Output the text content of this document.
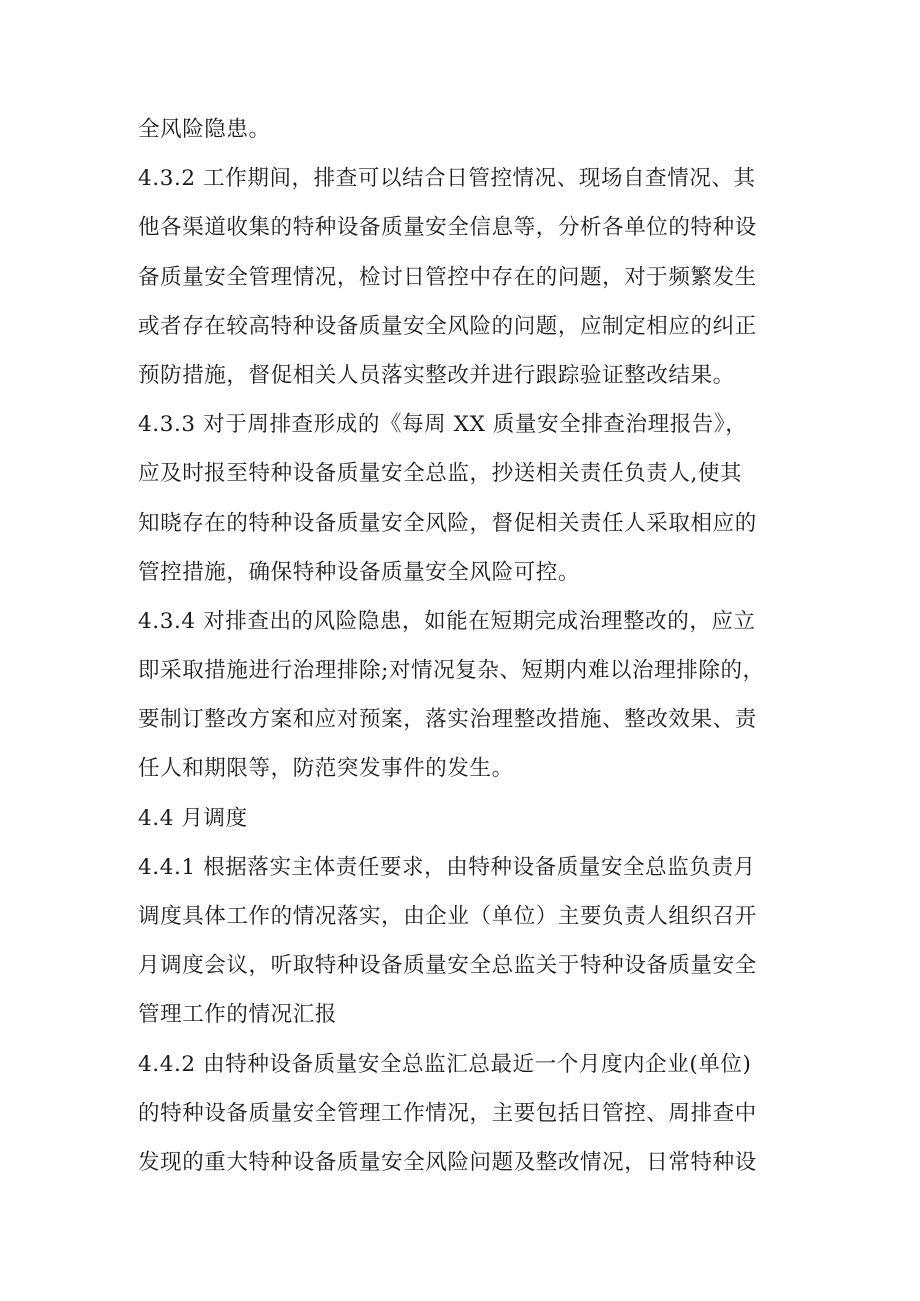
全风险隐患。
4.3.2 工作期间，排查可以结合日管控情况、现场自查情况、其
他各渠道收集的特种设备质量安全信息等，分析各单位的特种设
备质量安全管理情况，检讨日管控中存在的问题，对于频繁发生
或者存在较高特种设备质量安全风险的问题，应制定相应的纠正
预防措施，督促相关人员落实整改并进行跟踪验证整改结果。
4.3.3 对于周排查形成的《每周 XX 质量安全排查治理报告》，
应及时报至特种设备质量安全总监，抄送相关责任负责人,使其
知晓存在的特种设备质量安全风险，督促相关责任人采取相应的
管控措施，确保特种设备质量安全风险可控。
4.3.4 对排查出的风险隐患，如能在短期完成治理整改的，应立
即采取措施进行治理排除;对情况复杂、短期内难以治理排除的，
要制订整改方案和应对预案，落实治理整改措施、整改效果、责
任人和期限等，防范突发事件的发生。
4.4 月调度
4.4.1 根据落实主体责任要求，由特种设备质量安全总监负责月
调度具体工作的情况落实，由企业（单位）主要负责人组织召开
月调度会议，听取特种设备质量安全总监关于特种设备质量安全
管理工作的情况汇报
4.4.2 由特种设备质量安全总监汇总最近一个月度内企业(单位)
的特种设备质量安全管理工作情况，主要包括日管控、周排查中
发现的重大特种设备质量安全风险问题及整改情况，日常特种设
